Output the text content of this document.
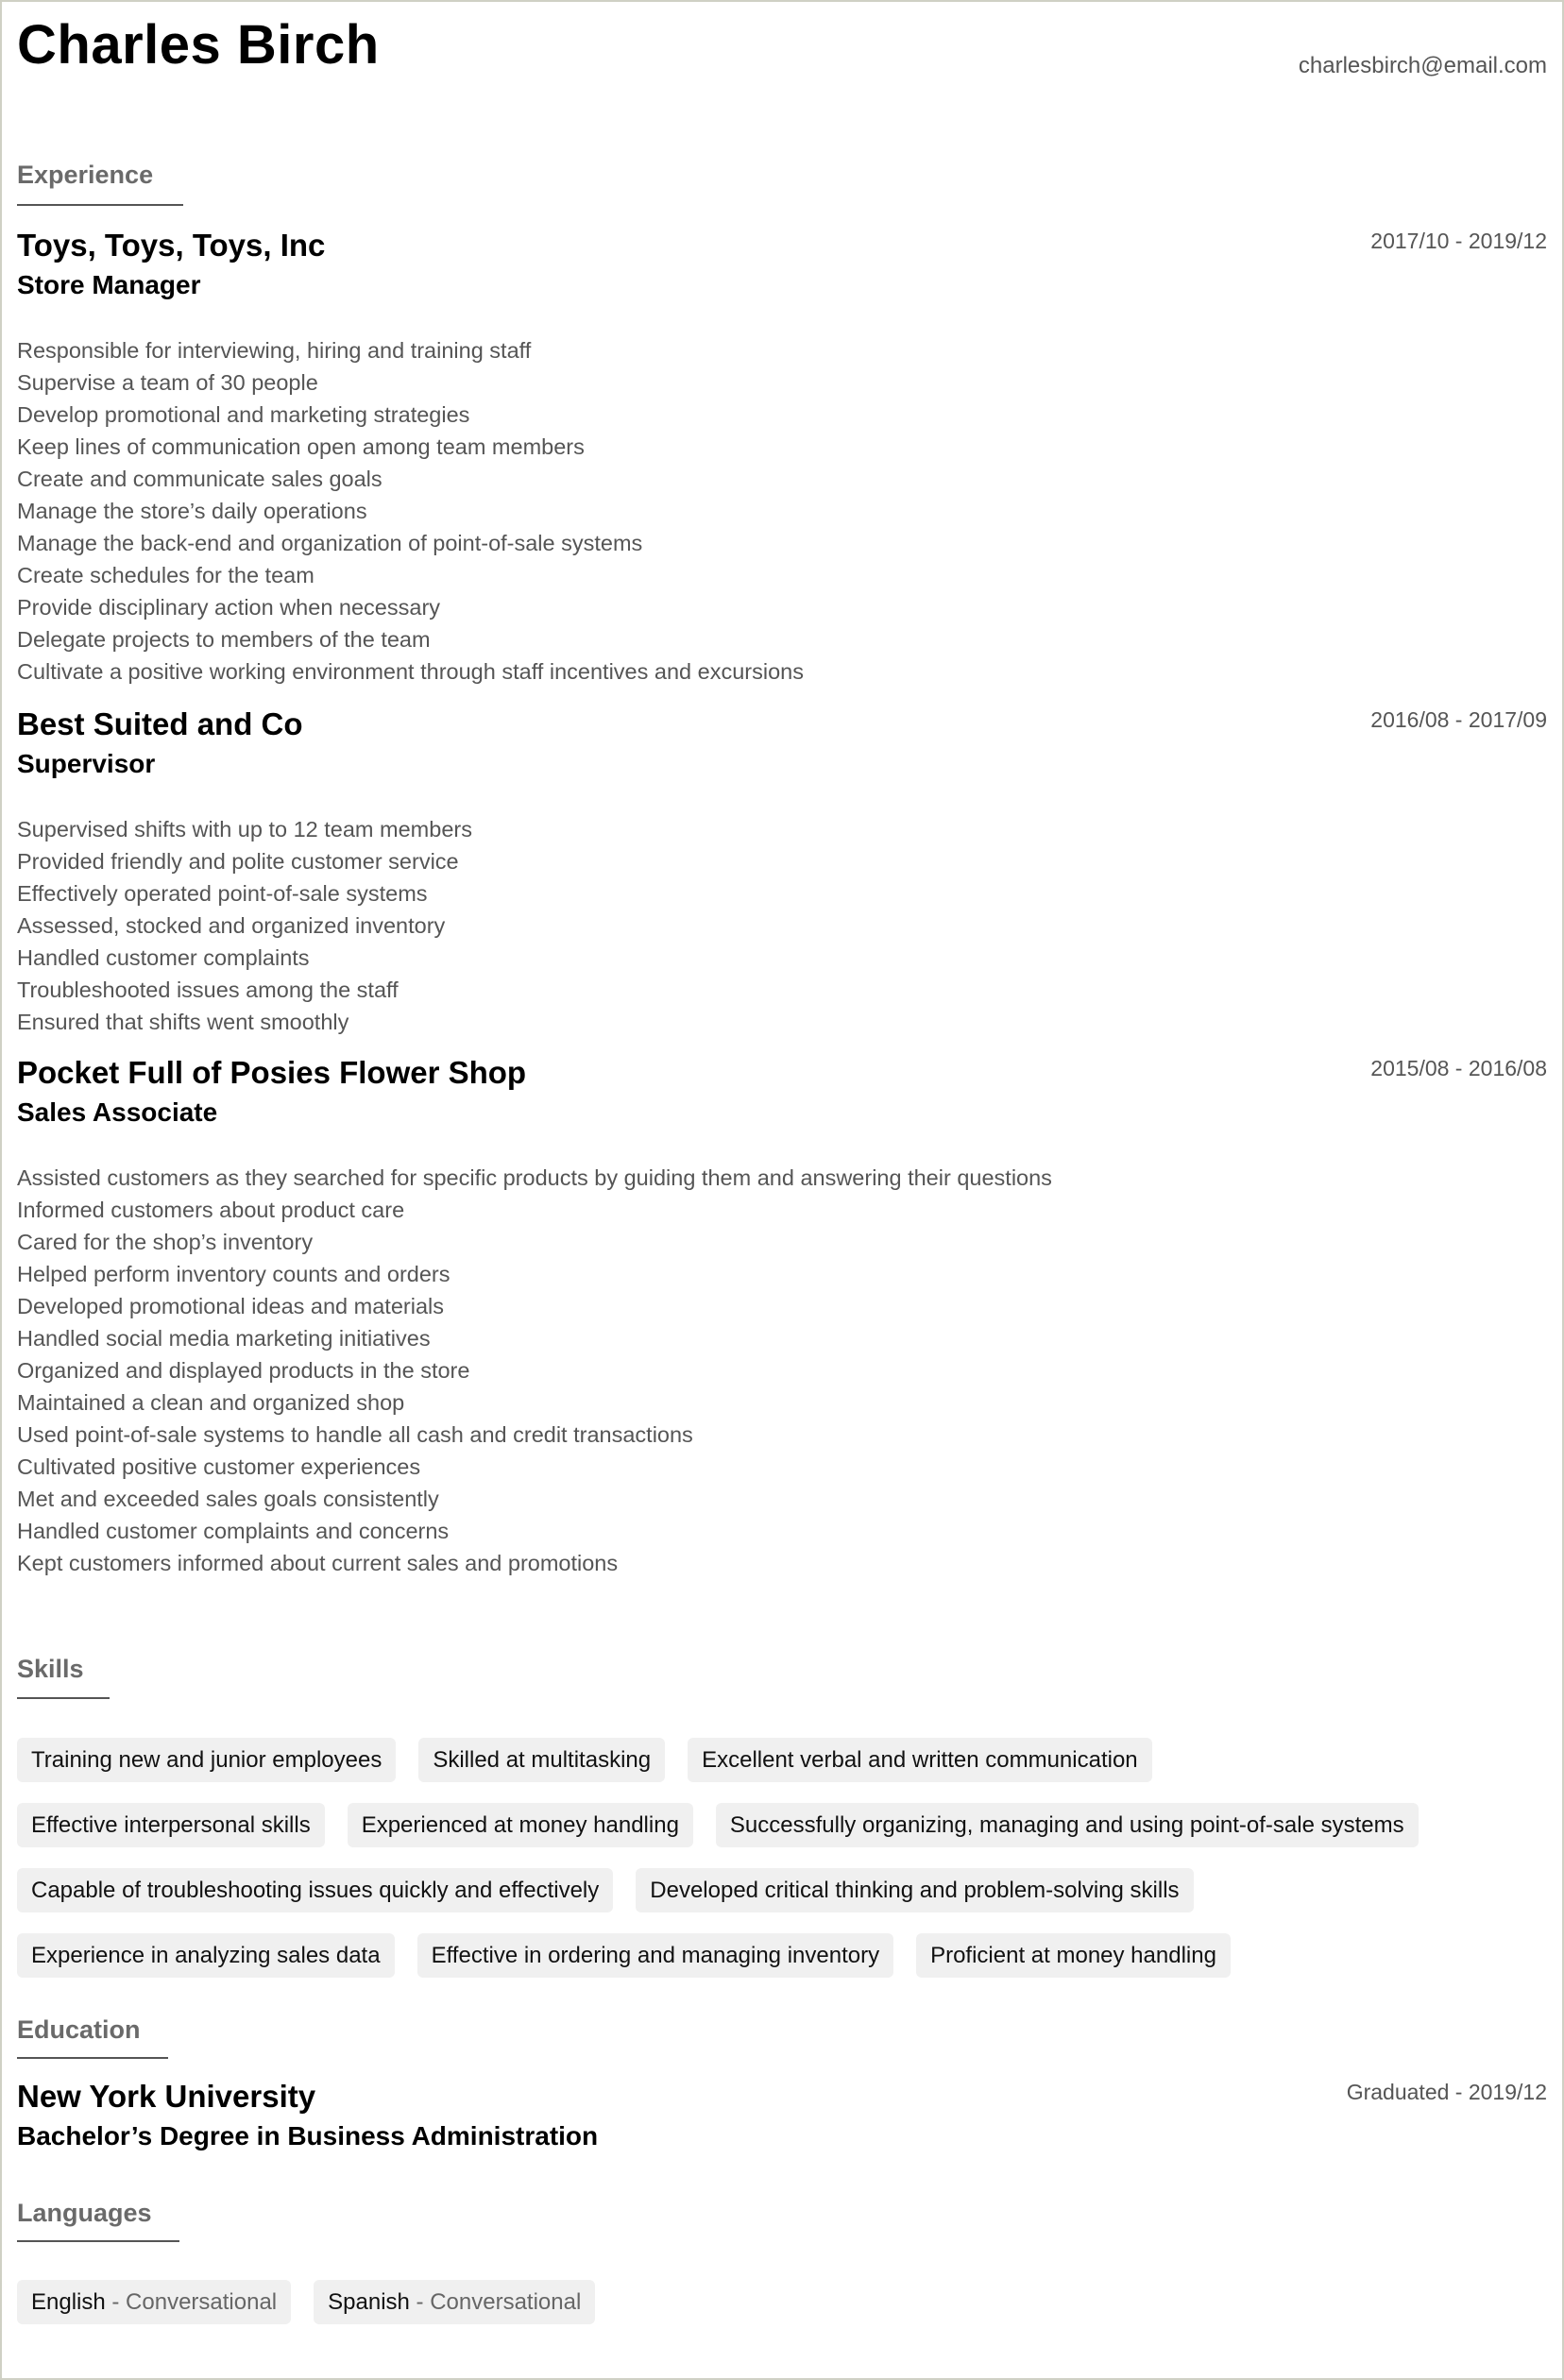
Charles Birch	charlesbirch@email.com
Experience
Toys, Toys, Toys, Inc	2017/10 - 2019/12
Store Manager
Responsible for interviewing, hiring and training staff
Supervise a team of 30 people
Develop promotional and marketing strategies
Keep lines of communication open among team members
Create and communicate sales goals
Manage the store’s daily operations
Manage the back-end and organization of point-of-sale systems
Create schedules for the team
Provide disciplinary action when necessary
Delegate projects to members of the team
Cultivate a positive working environment through staff incentives and excursions
Best Suited and Co	2016/08 - 2017/09
Supervisor
Supervised shifts with up to 12 team members
Provided friendly and polite customer service
Effectively operated point-of-sale systems
Assessed, stocked and organized inventory
Handled customer complaints
Troubleshooted issues among the staff
Ensured that shifts went smoothly
Pocket Full of Posies Flower Shop	2015/08 - 2016/08
Sales Associate
Assisted customers as they searched for specific products by guiding them and answering their questions
Informed customers about product care
Cared for the shop’s inventory
Helped perform inventory counts and orders
Developed promotional ideas and materials
Handled social media marketing initiatives
Organized and displayed products in the store
Maintained a clean and organized shop
Used point-of-sale systems to handle all cash and credit transactions
Cultivated positive customer experiences
Met and exceeded sales goals consistently
Handled customer complaints and concerns
Kept customers informed about current sales and promotions
Skills
Training new and junior employees	Skilled at multitasking	Excellent verbal and written communication
Effective interpersonal skills	Experienced at money handling	Successfully organizing, managing and using point-of-sale systems
Capable of troubleshooting issues quickly and effectively	Developed critical thinking and problem-solving skills
Experience in analyzing sales data	Effective in ordering and managing inventory	Proficient at money handling
Education
New York University	Graduated - 2019/12
Bachelor’s Degree in Business Administration
Languages
English - Conversational	Spanish - Conversational
